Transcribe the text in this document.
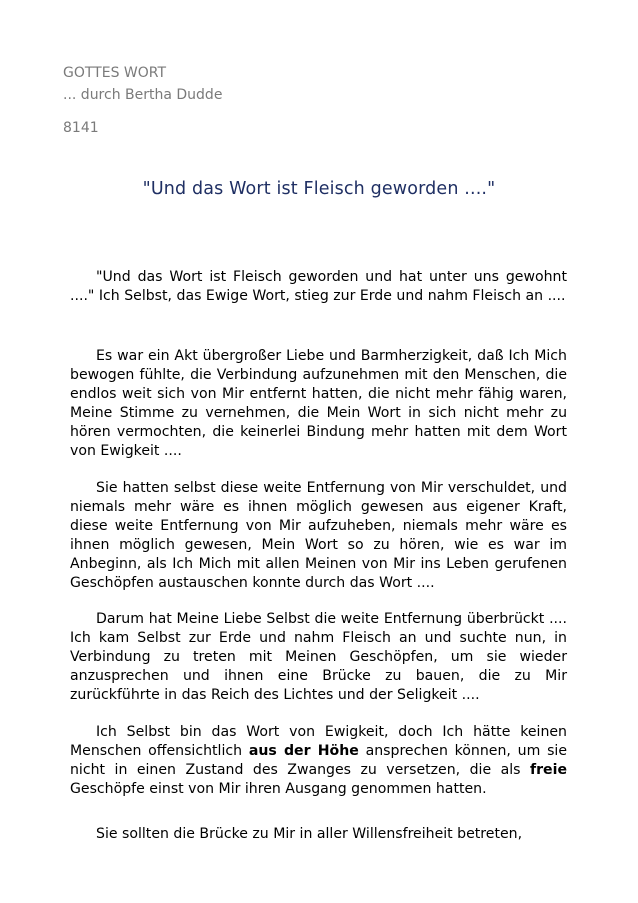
GOTTES WORT
... durch Bertha Dudde
8141
"Und das Wort ist Fleisch geworden ...."

"Und das Wort ist Fleisch geworden und hat unter uns gewohnt ...." Ich Selbst, das Ewige Wort, stieg zur Erde und nahm Fleisch an ....

Es war ein Akt übergroßer Liebe und Barmherzigkeit, daß Ich Mich bewogen fühlte, die Verbindung aufzunehmen mit den Menschen, die endlos weit sich von Mir entfernt hatten, die nicht mehr fähig waren, Meine Stimme zu vernehmen, die Mein Wort in sich nicht mehr zu hören vermochten, die keinerlei Bindung mehr hatten mit dem Wort von Ewigkeit ....

Sie hatten selbst diese weite Entfernung von Mir verschuldet, und niemals mehr wäre es ihnen möglich gewesen aus eigener Kraft, diese weite Entfernung von Mir aufzuheben, niemals mehr wäre es ihnen möglich gewesen, Mein Wort so zu hören, wie es war im Anbeginn, als Ich Mich mit allen Meinen von Mir ins Leben gerufenen Geschöpfen austauschen konnte durch das Wort ....

Darum hat Meine Liebe Selbst die weite Entfernung überbrückt .... Ich kam Selbst zur Erde und nahm Fleisch an und suchte nun, in Verbindung zu treten mit Meinen Geschöpfen, um sie wieder anzusprechen und ihnen eine Brücke zu bauen, die zu Mir zurückführte in das Reich des Lichtes und der Seligkeit ....

Ich Selbst bin das Wort von Ewigkeit, doch Ich hätte keinen Menschen offensichtlich aus der Höhe ansprechen können, um sie nicht in einen Zustand des Zwanges zu versetzen, die als freie Geschöpfe einst von Mir ihren Ausgang genommen hatten.

Sie sollten die Brücke zu Mir in aller Willensfreiheit betreten,
